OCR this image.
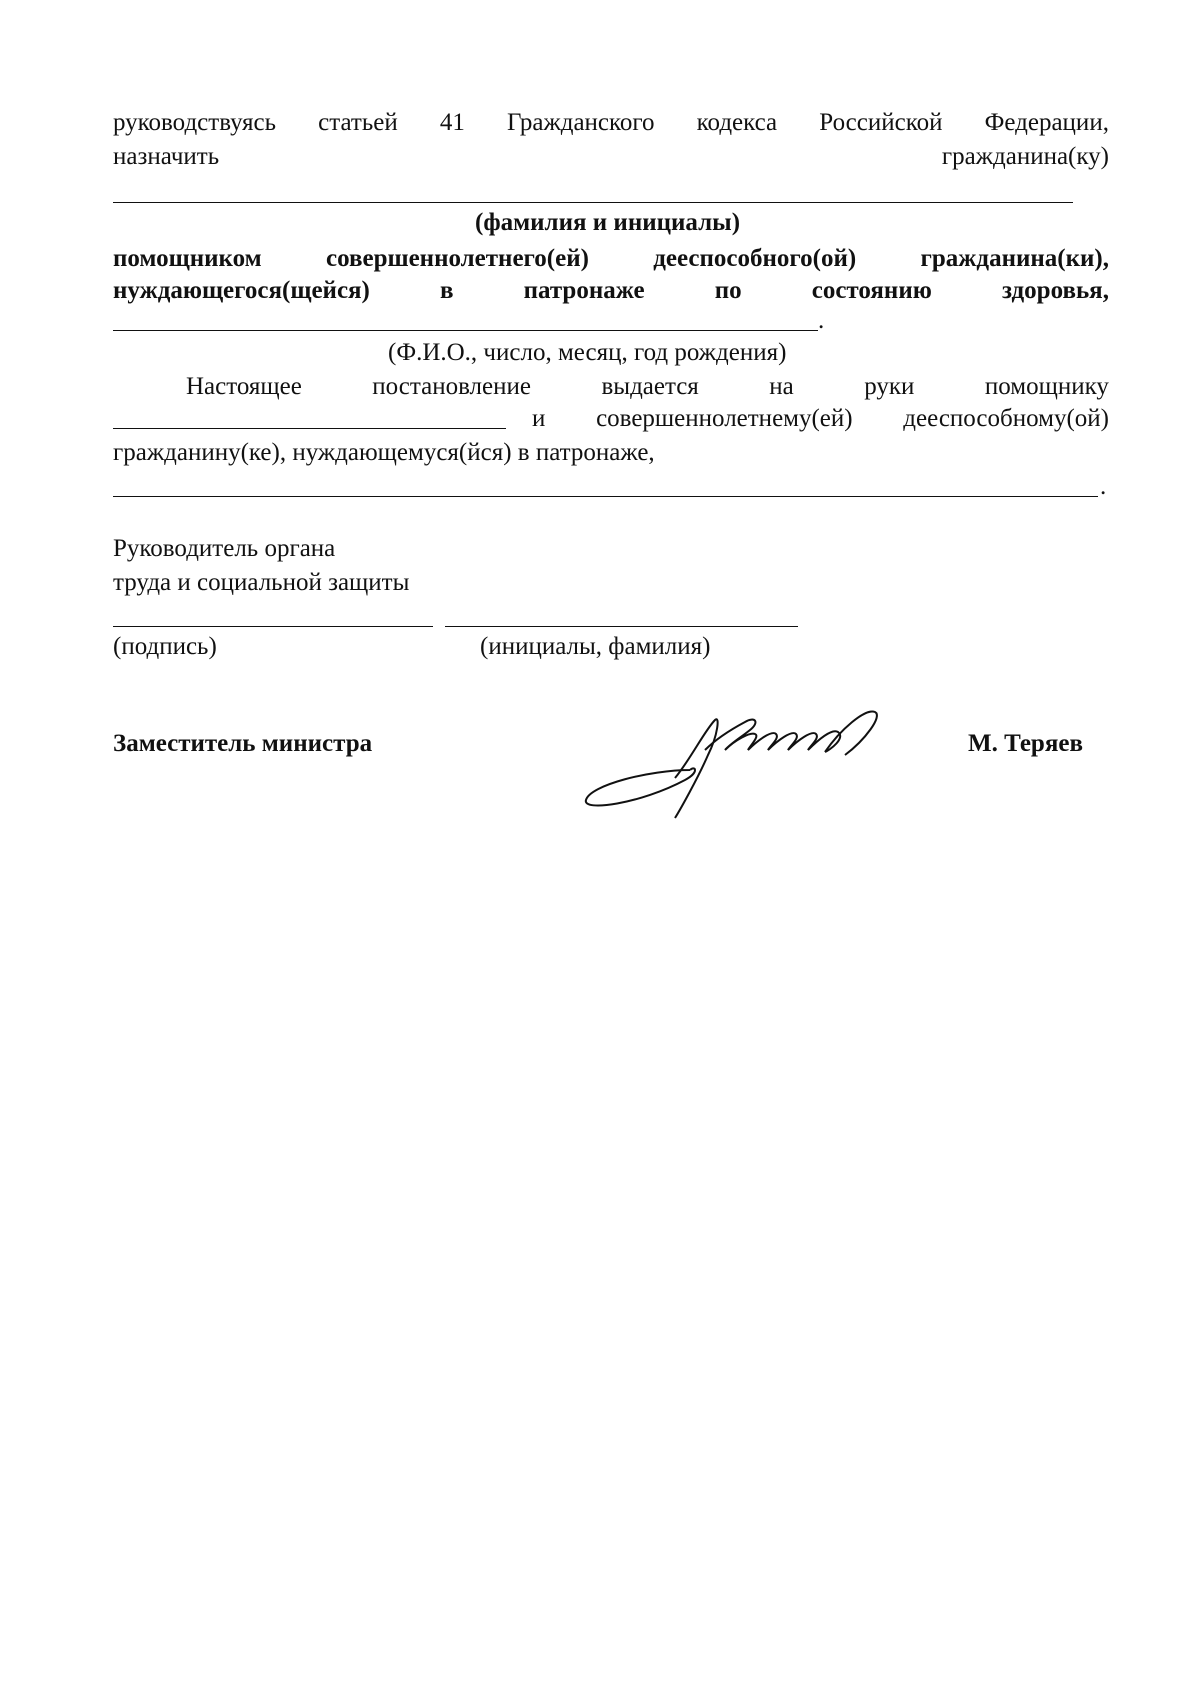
руководствуясь статьей 41 Гражданского кодекса Российской Федерации,
назначить	гражданина(ку)
(фамилия и инициалы)
помощником	совершеннолетнего(ей)	дееспособного(ой)	гражданина(ки),
нуждающегося(щейся)	в	патронаже	по	состоянию	здоровья,
.
(Ф.И.О., число, месяц, год рождения)
Настоящее	постановление	выдается	на	руки	помощнику
и совершеннолетнему(ей) дееспособному(ой)
гражданину(ке), нуждающемуся(йся) в патронаже,
.
Руководитель органа
труда и социальной защиты
(подпись)	(инициалы, фамилия)
Заместитель министра	М. Теряев
